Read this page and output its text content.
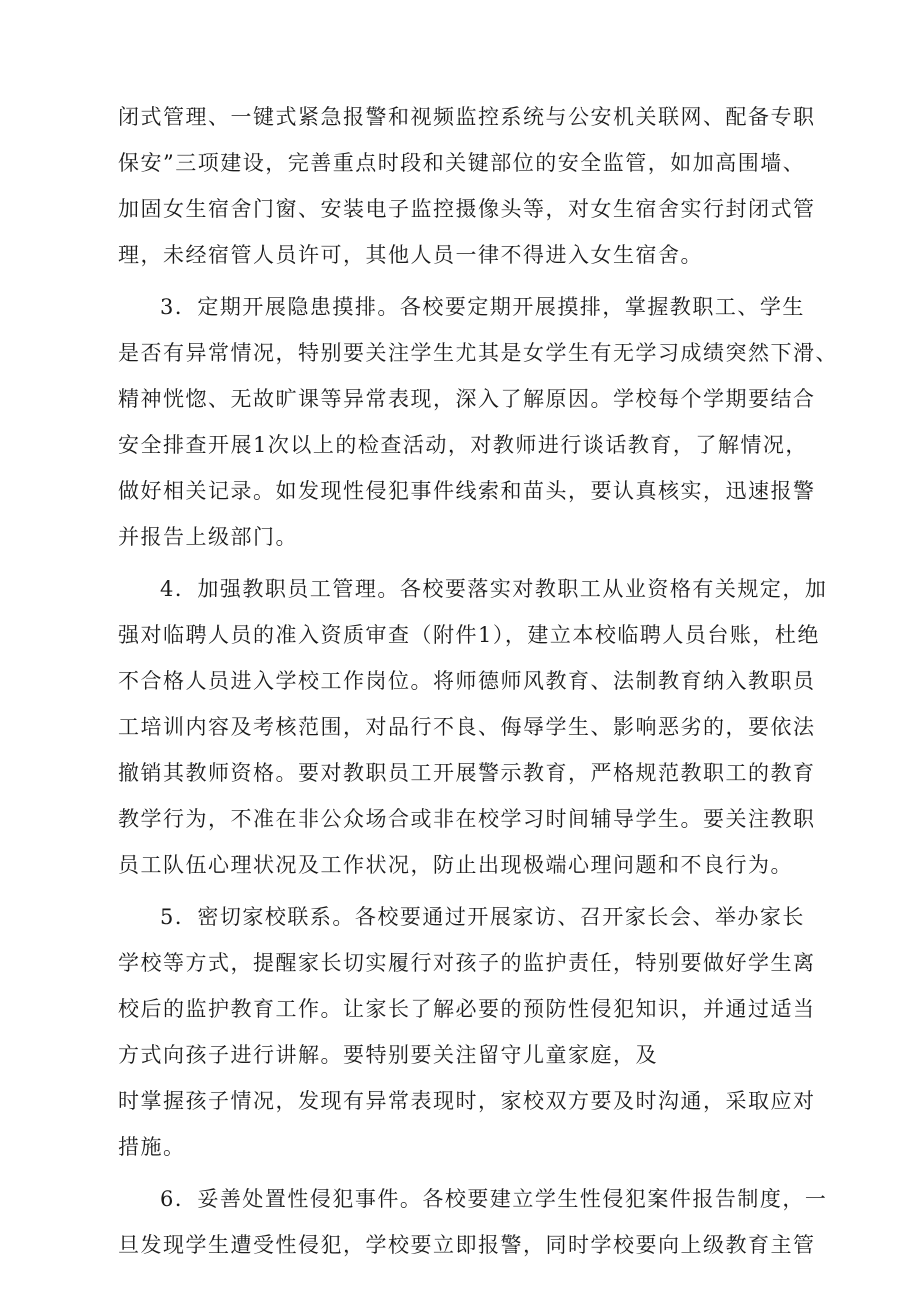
闭式管理、一键式紧急报警和视频监控系统与公安机关联网、配备专职
保安”三项建设，完善重点时段和关键部位的安全监管，如加高围墙、
加固女生宿舍门窗、安装电子监控摄像头等，对女生宿舍实行封闭式管
理，未经宿管人员许可，其他人员一律不得进入女生宿舍。
3．定期开展隐患摸排。各校要定期开展摸排，掌握教职工、学生
是否有异常情况，特别要关注学生尤其是女学生有无学习成绩突然下滑、
精神恍惚、无故旷课等异常表现，深入了解原因。学校每个学期要结合
安全排查开展1次以上的检查活动，对教师进行谈话教育，了解情况，
做好相关记录。如发现性侵犯事件线索和苗头，要认真核实，迅速报警
并报告上级部门。
4．加强教职员工管理。各校要落实对教职工从业资格有关规定，加
强对临聘人员的准入资质审查（附件1），建立本校临聘人员台账，杜绝
不合格人员进入学校工作岗位。将师德师风教育、法制教育纳入教职员
工培训内容及考核范围，对品行不良、侮辱学生、影响恶劣的，要依法
撤销其教师资格。要对教职员工开展警示教育，严格规范教职工的教育
教学行为，不准在非公众场合或非在校学习时间辅导学生。要关注教职
员工队伍心理状况及工作状况，防止出现极端心理问题和不良行为。
5．密切家校联系。各校要通过开展家访、召开家长会、举办家长
学校等方式，提醒家长切实履行对孩子的监护责任，特别要做好学生离
校后的监护教育工作。让家长了解必要的预防性侵犯知识，并通过适当
方式向孩子进行讲解。要特别要关注留守儿童家庭，及
时掌握孩子情况，发现有异常表现时，家校双方要及时沟通，采取应对
措施。
6．妥善处置性侵犯事件。各校要建立学生性侵犯案件报告制度，一
旦发现学生遭受性侵犯，学校要立即报警，同时学校要向上级教育主管
